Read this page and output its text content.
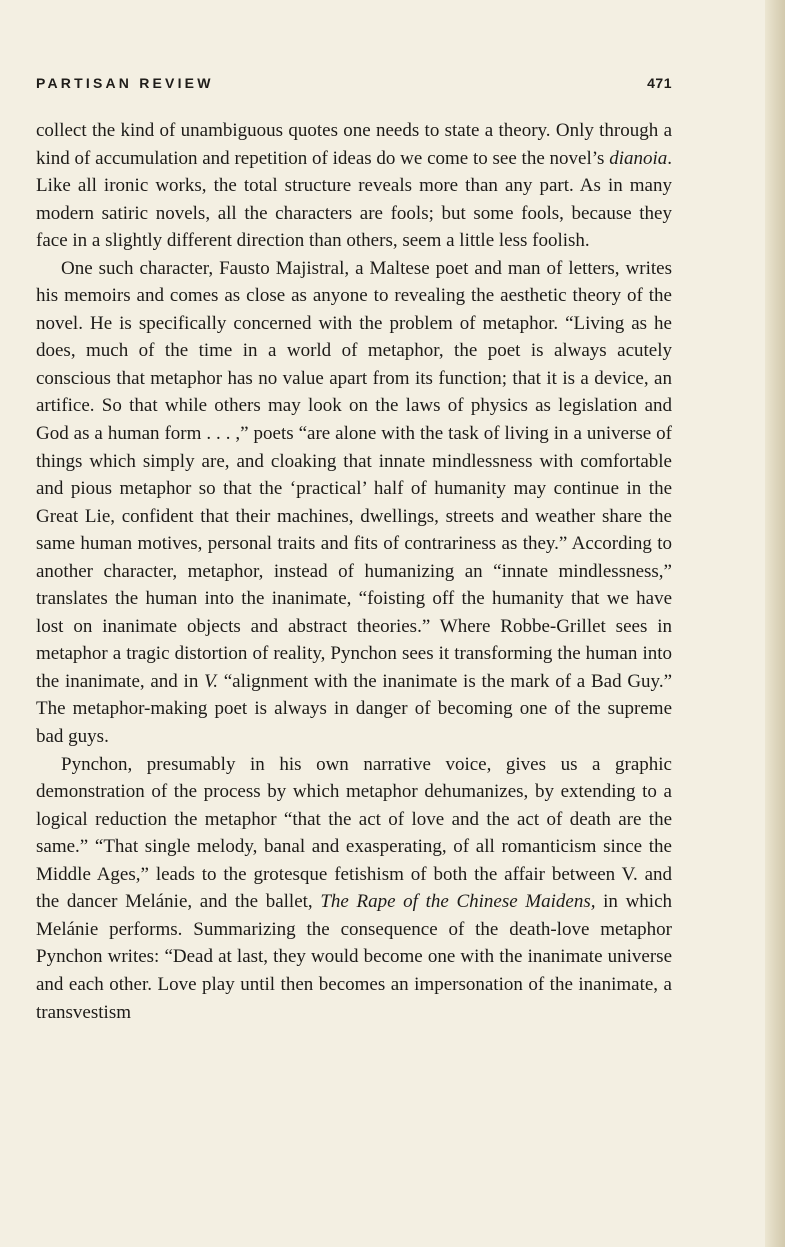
PARTISAN REVIEW	471

collect the kind of unambiguous quotes one needs to state a theory. Only through a kind of accumulation and repetition of ideas do we come to see the novel’s dianoia. Like all ironic works, the total structure reveals more than any part. As in many modern satiric novels, all the characters are fools; but some fools, because they face in a slightly different direction than others, seem a little less foolish.

One such character, Fausto Majistral, a Maltese poet and man of letters, writes his memoirs and comes as close as anyone to revealing the aesthetic theory of the novel. He is specifically concerned with the problem of metaphor. “Living as he does, much of the time in a world of metaphor, the poet is always acutely conscious that metaphor has no value apart from its function; that it is a device, an artifice. So that while others may look on the laws of physics as legislation and God as a human form . . . ,” poets “are alone with the task of living in a universe of things which simply are, and cloaking that innate mindlessness with comfortable and pious metaphor so that the ‘practical’ half of humanity may continue in the Great Lie, confident that their machines, dwellings, streets and weather share the same human motives, personal traits and fits of contrariness as they.” According to another character, metaphor, instead of humanizing an “innate mindlessness,” translates the human into the inanimate, “foisting off the humanity that we have lost on inanimate objects and abstract theories.” Where Robbe-Grillet sees in metaphor a tragic distortion of reality, Pynchon sees it transforming the human into the inanimate, and in V. “alignment with the inanimate is the mark of a Bad Guy.” The metaphor-making poet is always in danger of becoming one of the supreme bad guys.

Pynchon, presumably in his own narrative voice, gives us a graphic demonstration of the process by which metaphor dehumanizes, by extending to a logical reduction the metaphor “that the act of love and the act of death are the same.” “That single melody, banal and exasperating, of all romanticism since the Middle Ages,” leads to the grotesque fetishism of both the affair between V. and the dancer Melánie, and the ballet, The Rape of the Chinese Maidens, in which Melánie performs. Summarizing the consequence of the death-love metaphor Pynchon writes: “Dead at last, they would become one with the inanimate universe and each other. Love play until then becomes an impersonation of the inanimate, a transvestism
